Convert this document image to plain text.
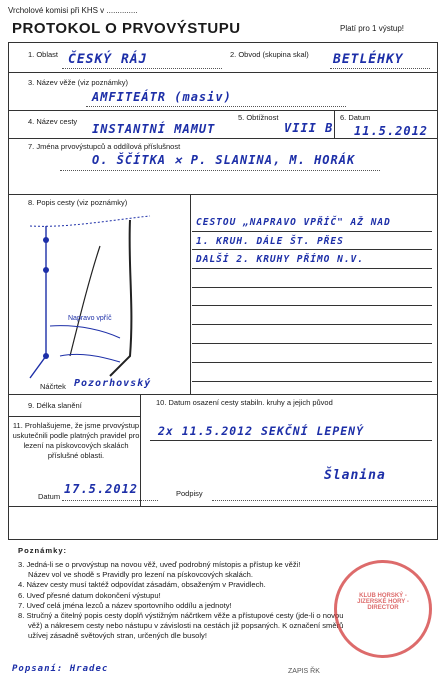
Vrcholové komisi při KHS v ..............
PROTOKOL O PRVOVÝSTUPU	Platí pro 1 výstup!
1. Oblast ČESKÝ RÁJ	2. Obvod (skupina skal) BETLÉHKY
3. Název věže (viz poznámky)
AMFITEÁTR (masiv)
4. Název cesty
INSTANTNÍ MAMUT
5. Obtížnost
VIII B
6. Datum
11.5.2012
7. Jména prvovýstupců a oddílová příslušnost
O. ŠČÍTKA ✕ P. SLANINA, M. HORÁK
8. Popis cesty (viz poznámky)
CESTOU „NAPRAVO VPŘÍČ" AŽ NAD
1. KRUH. DÁLE ŠT. PŘES
DALŠÍ 2. KRUHY PŘÍMO N.V.
Napravo vpříč
Náčrtek Pozorhovský
9. Délka slanění	10. Datum osazení cesty stabiln. kruhy a jejich původ
2x 11.5.2012 SEKČNÍ LEPENÝ
11. Prohlašujeme, že jsme prvovýstup uskutečnili podle platných pravidel pro lezení na pískovcových skalách příslušné oblasti.
Datum
17.5.2012	Podpisy
Šlanina
Poznámky:
3. Jedná-li se o prvovýstup na novou věž, uveď podrobný místopis a přístup ke věži!
Název vol ve shodě s Pravidly pro lezení na pískovcových skalách.
4. Název cesty musí taktéž odpovídat zásadám, obsaženým v Pravidlech.
6. Uveď přesné datum dokončení výstupu!
7. Uveď celá jména lezců a název sportovního oddílu a jednoty!
8. Stručný a čitelný popis cesty doplň výstižným náčrtkem věže a přístupové cesty (jde-li o novou
věž) a nákresem cesty nebo nástupu v závislosti na cestách již popsaných. K označení směrů
užívej zásadně světových stran, určených dle busoly!
KLUB HORSKÝ - JIZERSKÉ HORY - DIRECTOR
Popsaní: Hradec	ZAPIS ŘK
